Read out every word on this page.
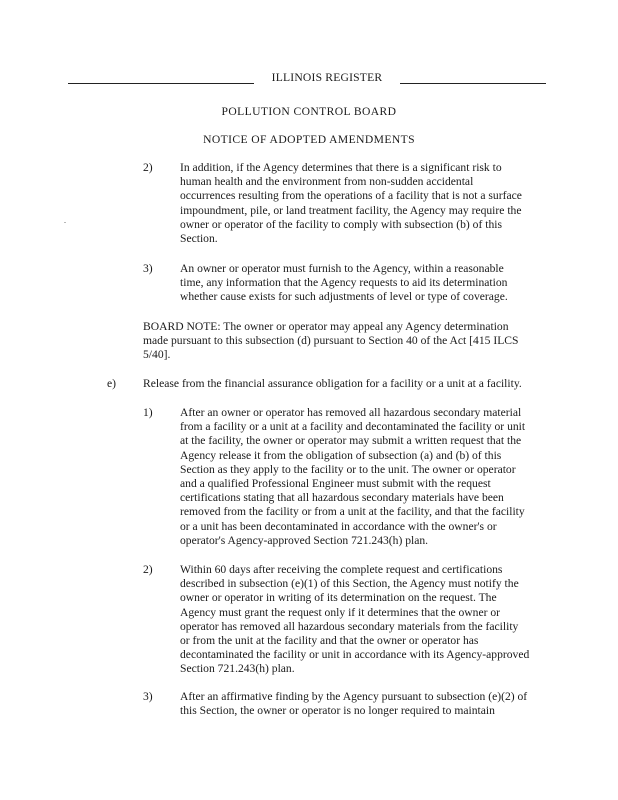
ILLINOIS REGISTER
POLLUTION CONTROL BOARD
NOTICE OF ADOPTED AMENDMENTS
.
2) In addition, if the Agency determines that there is a significant risk to human health and the environment from non-sudden accidental occurrences resulting from the operations of a facility that is not a surface impoundment, pile, or land treatment facility, the Agency may require the owner or operator of the facility to comply with subsection (b) of this Section.
3) An owner or operator must furnish to the Agency, within a reasonable time, any information that the Agency requests to aid its determination whether cause exists for such adjustments of level or type of coverage.
BOARD NOTE: The owner or operator may appeal any Agency determination made pursuant to this subsection (d) pursuant to Section 40 of the Act [415 ILCS 5/40].
e) Release from the financial assurance obligation for a facility or a unit at a facility.
1) After an owner or operator has removed all hazardous secondary material from a facility or a unit at a facility and decontaminated the facility or unit at the facility, the owner or operator may submit a written request that the Agency release it from the obligation of subsection (a) and (b) of this Section as they apply to the facility or to the unit. The owner or operator and a qualified Professional Engineer must submit with the request certifications stating that all hazardous secondary materials have been removed from the facility or from a unit at the facility, and that the facility or a unit has been decontaminated in accordance with the owner's or operator's Agency-approved Section 721.243(h) plan.
2) Within 60 days after receiving the complete request and certifications described in subsection (e)(1) of this Section, the Agency must notify the owner or operator in writing of its determination on the request. The Agency must grant the request only if it determines that the owner or operator has removed all hazardous secondary materials from the facility or from the unit at the facility and that the owner or operator has decontaminated the facility or unit in accordance with its Agency-approved Section 721.243(h) plan.
3) After an affirmative finding by the Agency pursuant to subsection (e)(2) of this Section, the owner or operator is no longer required to maintain
